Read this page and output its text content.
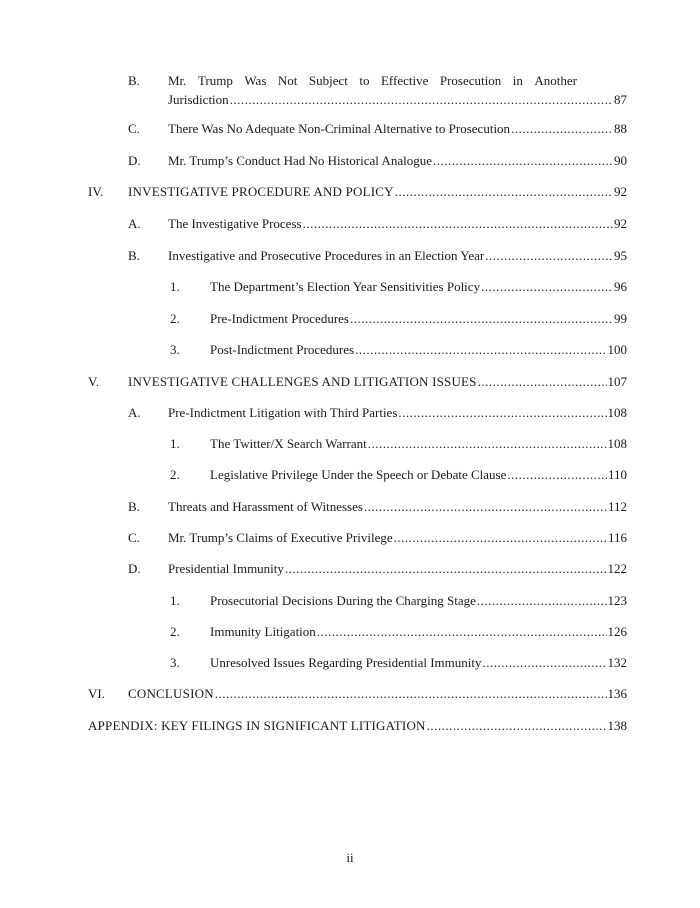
B.	Mr. Trump Was Not Subject to Effective Prosecution in Another
Jurisdiction .....	87
C.	There Was No Adequate Non-Criminal Alternative to Prosecution .....	88
D.	Mr. Trump’s Conduct Had No Historical Analogue .....	90
IV.	INVESTIGATIVE PROCEDURE AND POLICY .....	92
A.	The Investigative Process .....	92
B.	Investigative and Prosecutive Procedures in an Election Year .....	95
1.	The Department’s Election Year Sensitivities Policy .....	96
2.	Pre-Indictment Procedures .....	99
3.	Post-Indictment Procedures .....	100
V.	INVESTIGATIVE CHALLENGES AND LITIGATION ISSUES .....	107
A.	Pre-Indictment Litigation with Third Parties .....	108
1.	The Twitter/X Search Warrant .....	108
2.	Legislative Privilege Under the Speech or Debate Clause .....	110
B.	Threats and Harassment of Witnesses .....	112
C.	Mr. Trump’s Claims of Executive Privilege .....	116
D.	Presidential Immunity .....	122
1.	Prosecutorial Decisions During the Charging Stage .....	123
2.	Immunity Litigation .....	126
3.	Unresolved Issues Regarding Presidential Immunity .....	132
VI.	CONCLUSION .....	136
APPENDIX: KEY FILINGS IN SIGNIFICANT LITIGATION .....	138
ii
